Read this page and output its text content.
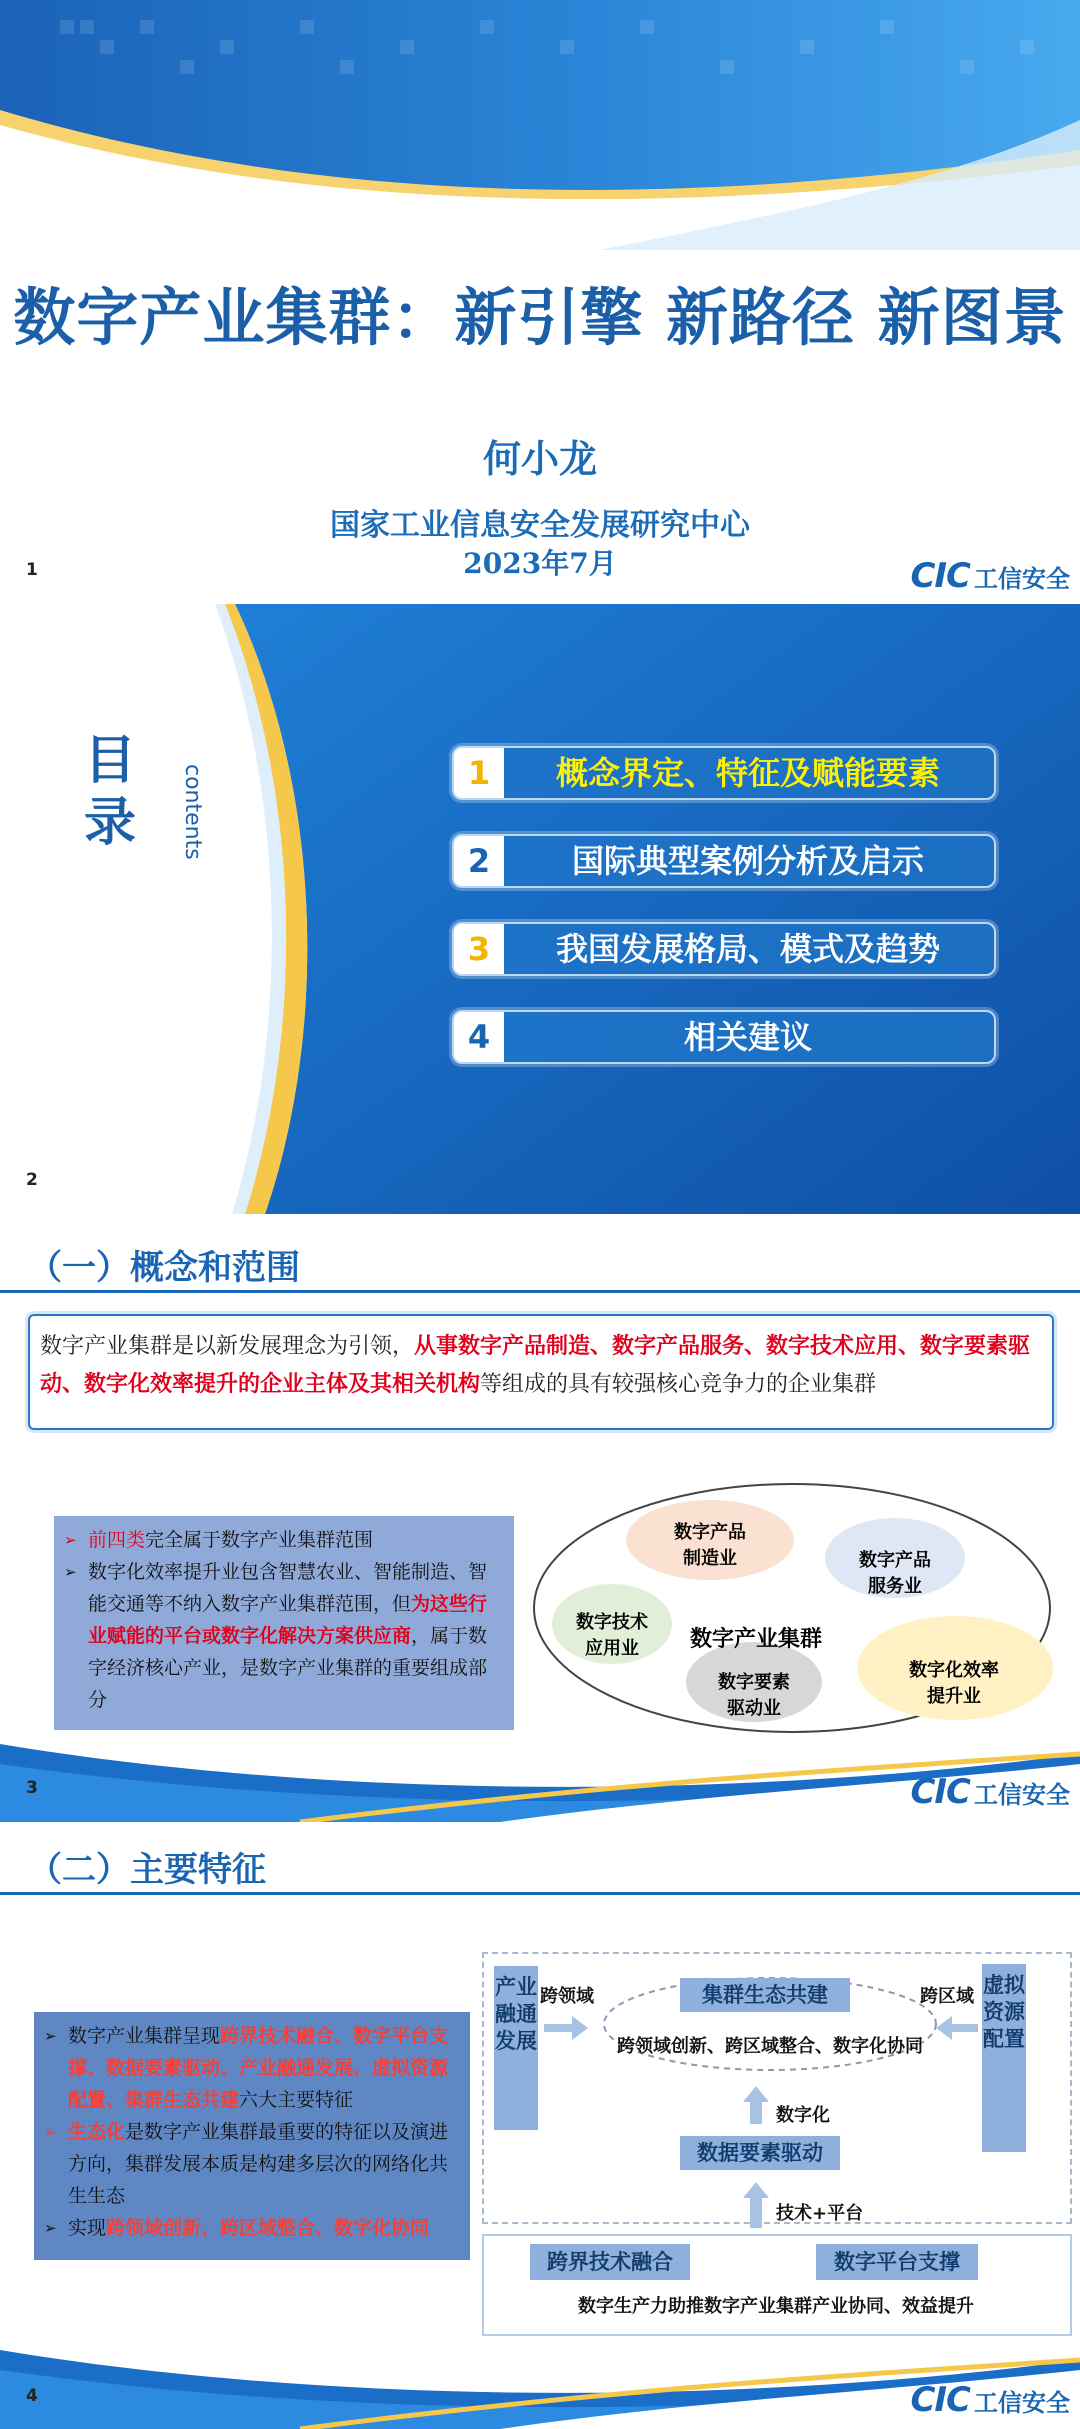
数字产业集群：新引擎 新路径 新图景
何小龙
国家工业信息安全发展研究中心
2023年7月
1	CIC 工信安全
目录	contents	1	概念界定、特征及赋能要素
2	国际典型案例分析及启示
3	我国发展格局、模式及趋势
4	相关建议
2
（一）概念和范围

数字产业集群是以新发展理念为引领，从事数字产品制造、数字产品服务、数字技术应用、数字要素驱动、数字化效率提升的企业主体及其相关机构等组成的具有较强核心竞争力的企业集群

➢ 前四类完全属于数字产业集群范围
➢ 数字化效率提升业包含智慧农业、智能制造、智能交通等不纳入数字产业集群范围，但为这些行业赋能的平台或数字化解决方案供应商，属于数字经济核心产业，是数字产业集群的重要组成部分
数字产品制造业	数字产品服务业
数字技术应用业
数字要素驱动业
数字化效率提升业
数字产业集群
3	CIC 工信安全
（二）主要特征
➢ 数字产业集群呈现跨界技术融合、数字平台支撑、数据要素驱动、产业融通发展、虚拟资源配置、集群生态共建六大主要特征
➢ 生态化是数字产业集群最重要的特征以及演进方向，集群发展本质是构建多层次的网络化共生生态
➢ 实现跨领域创新、跨区域整合、数字化协同
产业融通发展
虚拟资源配置
集群生态共建
跨领域创新、跨区域整合、数字化协同
跨领域	跨区域
数字化
数据要素驱动
技术+平台
跨界技术融合	数字平台支撑
数字生产力助推数字产业集群产业协同、效益提升
4	CIC 工信安全
